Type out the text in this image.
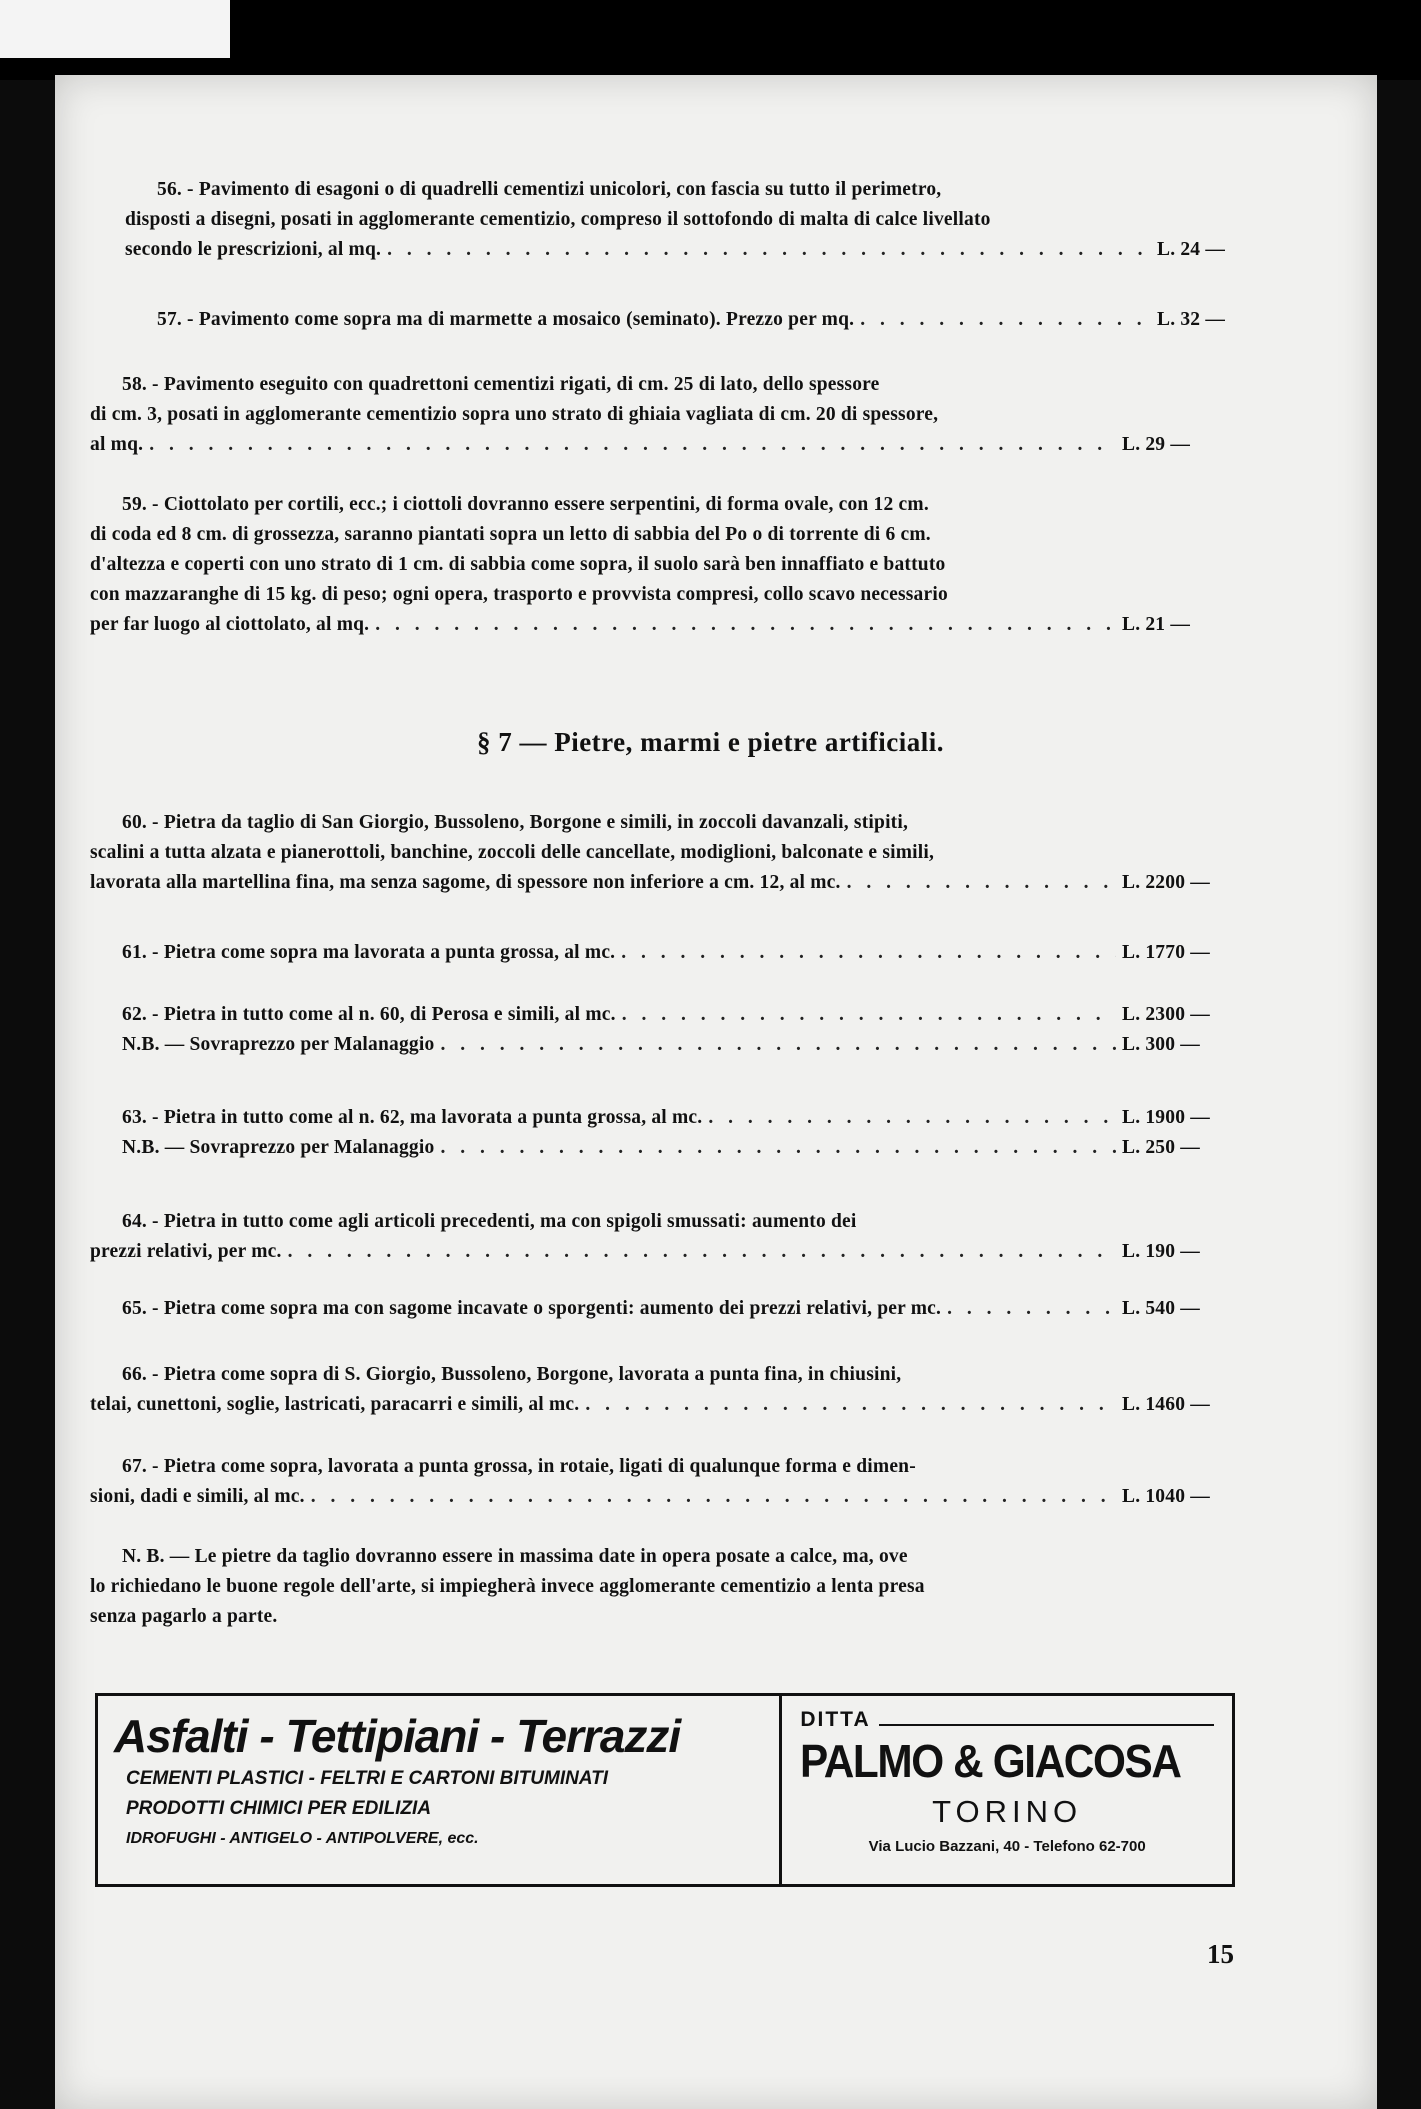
56. - Pavimento di esagoni o di quadrelli cementizi unicolori, con fascia su tutto il perimetro,

disposti a disegni, posati in agglomerante cementizio, compreso il sottofondo di malta di calce livellato

secondo le prescrizioni, al mq. . . .	L. 24 —
57. - Pavimento come sopra ma di marmette a mosaico (seminato). Prezzo per mq. . . .	L. 32 —

58. - Pavimento eseguito con quadrettoni cementizi rigati, di cm. 25 di lato, dello spessore

di cm. 3, posati in agglomerante cementizio sopra uno strato di ghiaia vagliata di cm. 20 di spessore,

al mq. . . .	L. 29 —

59. - Ciottolato per cortili, ecc.; i ciottoli dovranno essere serpentini, di forma ovale, con 12 cm.

di coda ed 8 cm. di grossezza, saranno piantati sopra un letto di sabbia del Po o di torrente di 6 cm.

d'altezza e coperti con uno strato di 1 cm. di sabbia come sopra, il suolo sarà ben innaffiato e battuto

con mazzaranghe di 15 kg. di peso; ogni opera, trasporto e provvista compresi, collo scavo necessario

per far luogo al ciottolato, al mq. . . .	L. 21 —
§ 7 — Pietre, marmi e pietre artificiali.

60. - Pietra da taglio di San Giorgio, Bussoleno, Borgone e simili, in zoccoli davanzali, stipiti,

scalini a tutta alzata e pianerottoli, banchine, zoccoli delle cancellate, modiglioni, balconate e simili,

lavorata alla martellina fina, ma senza sagome, di spessore non inferiore a cm. 12, al mc. . . .	L. 2200 —
61. - Pietra come sopra ma lavorata a punta grossa, al mc. . . .	L. 1770 —
62. - Pietra in tutto come al n. 60, di Perosa e simili, al mc. . . .	L. 2300 —
N.B. — Sovraprezzo per Malanaggio . . .	L. 300 —
63. - Pietra in tutto come al n. 62, ma lavorata a punta grossa, al mc. . . .	L. 1900 —
N.B. — Sovraprezzo per Malanaggio . . .	L. 250 —

64. - Pietra in tutto come agli articoli precedenti, ma con spigoli smussati: aumento dei

prezzi relativi, per mc. . . .	L. 190 —
65. - Pietra come sopra ma con sagome incavate o sporgenti: aumento dei prezzi relativi, per mc. . . .	L. 540 —

66. - Pietra come sopra di S. Giorgio, Bussoleno, Borgone, lavorata a punta fina, in chiusini,

telai, cunettoni, soglie, lastricati, paracarri e simili, al mc. . . .	L. 1460 —

67. - Pietra come sopra, lavorata a punta grossa, in rotaie, ligati di qualunque forma e dimen-

sioni, dadi e simili, al mc. . . .	L. 1040 —

N. B. — Le pietre da taglio dovranno essere in massima date in opera posate a calce, ma, ove

lo richiedano le buone regole dell'arte, si impiegherà invece agglomerante cementizio a lenta presa

senza pagarlo a parte.

Asfalti - Tettipiani - Terrazzi
CEMENTI PLASTICI - FELTRI E CARTONI BITUMINATI
PRODOTTI CHIMICI PER EDILIZIA
IDROFUGHI - ANTIGELO - ANTIPOLVERE, ecc.
DITTA
PALMO & GIACOSA
TORINO
Via Lucio Bazzani, 40 - Telefono 62-700
15
